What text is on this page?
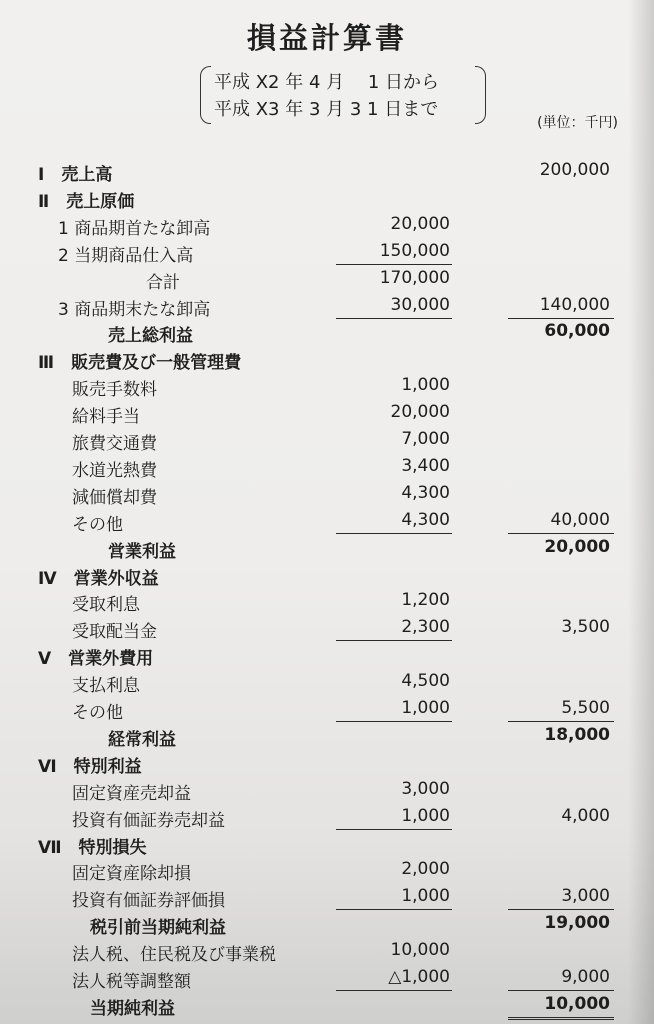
損益計算書
平成 X2 年 4 月　 1 日から
平成 X3 年 3 月 3 1 日まで
(単位：千円)
Ⅰ　売上高	200,000
Ⅱ　売上原価
1 商品期首たな卸高	20,000
2 当期商品仕入高	150,000
合計	170,000
3 商品期末たな卸高	30,000	140,000
売上総利益	60,000
Ⅲ　販売費及び一般管理費
販売手数料	1,000
給料手当	20,000
旅費交通費	7,000
水道光熱費	3,400
減価償却費	4,300
その他	4,300	40,000
営業利益	20,000
Ⅳ　営業外収益
受取利息	1,200
受取配当金	2,300	3,500
Ⅴ　営業外費用
支払利息	4,500
その他	1,000	5,500
経常利益	18,000
Ⅵ　特別利益
固定資産売却益	3,000
投資有価証券売却益	1,000	4,000
Ⅶ　特別損失
固定資産除却損	2,000
投資有価証券評価損	1,000	3,000
税引前当期純利益	19,000
法人税、住民税及び事業税	10,000
法人税等調整額	△1,000	9,000
当期純利益	10,000
